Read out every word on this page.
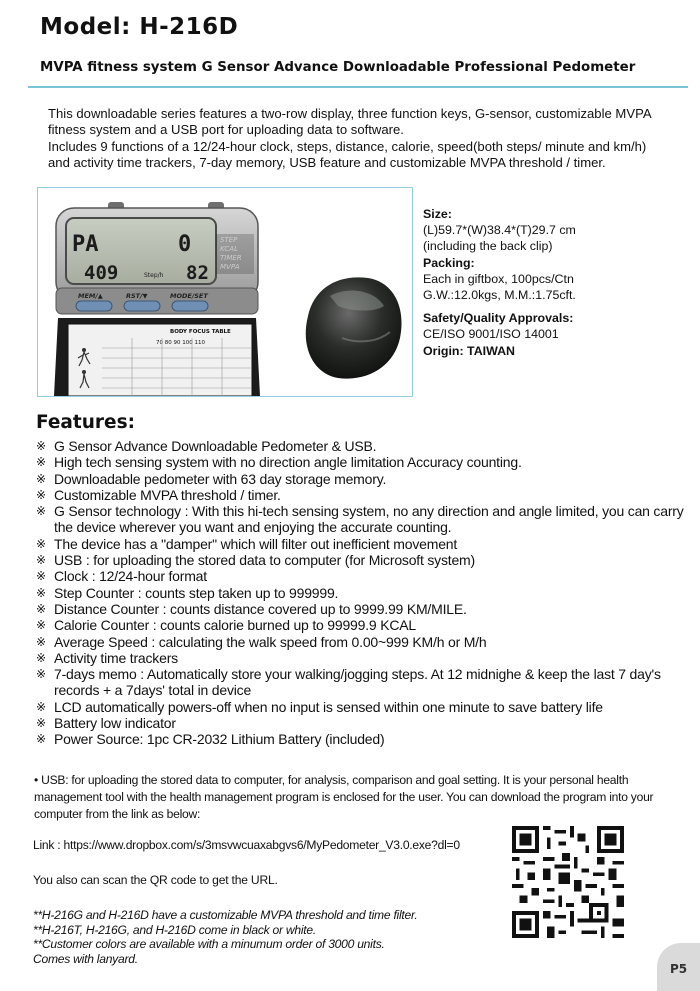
Model: H-216D
MVPA fitness system G Sensor Advance Downloadable Professional Pedometer

This downloadable series features a two-row display, three function keys, G-sensor, customizable MVPA fitness system and a USB port for uploading data to software.

Includes 9 functions of a 12/24-hour clock, steps, distance, calorie, speed(both steps/ minute and km/h) and activity time trackers, 7-day memory, USB feature and customizable MVPA threshold / timer.

PA	0
409	Step/h 82
STEP
KCAL
TIMER
MVPA
MEM/▲	RST/▼	MODE/SET
BODY FOCUS TABLE
70 80 90 100 110
Size:
(L)59.7*(W)38.4*(T)29.7 cm
(including the back clip)
Packing:
Each in giftbox, 100pcs/Ctn
G.W.:12.0kgs, M.M.:1.75cft.
Safety/Quality Approvals:
CE/ISO 9001/ISO 14001
Origin: TAIWAN
Features:
※ G Sensor Advance Downloadable Pedometer & USB.
※ High tech sensing system with no direction angle limitation Accuracy counting.
※ Downloadable pedometer with 63 day storage memory.
※ Customizable MVPA threshold / timer.
※ G Sensor technology : With this hi-tech sensing system, no any direction and angle limited, you can carry the device wherever you want and enjoying the accurate counting.
※ The device has a "damper" which will filter out inefficient movement
※ USB : for uploading the stored data to computer (for Microsoft system)
※ Clock : 12/24-hour format
※ Step Counter : counts step taken up to 999999.
※ Distance Counter : counts distance covered up to 9999.99 KM/MILE.
※ Calorie Counter : counts calorie burned up to 99999.9 KCAL
※ Average Speed : calculating the walk speed from 0.00~999 KM/h or M/h
※ Activity time trackers
※ 7-days memo : Automatically store your walking/jogging steps. At 12 midnighe & keep the last 7 day's records + a 7days' total in device
※ LCD automatically powers-off when no input is sensed within one minute to save battery life
※ Battery low indicator
※ Power Source: 1pc CR-2032 Lithium Battery (included)
• USB: for uploading the stored data to computer, for analysis, comparison and goal setting. It is your personal health management tool with the health management program is enclosed for the user. You can download the program into your computer from the link as below:
Link : https://www.dropbox.com/s/3msvwcuaxabgvs6/MyPedometer_V3.0.exe?dl=0
You also can scan the QR code to get the URL.
**H-216G and H-216D have a customizable MVPA threshold and time filter.
**H-216T, H-216G, and H-216D come in black or white.
**Customer colors are available with a minumum order of 3000 units.
Comes with lanyard.
P5
